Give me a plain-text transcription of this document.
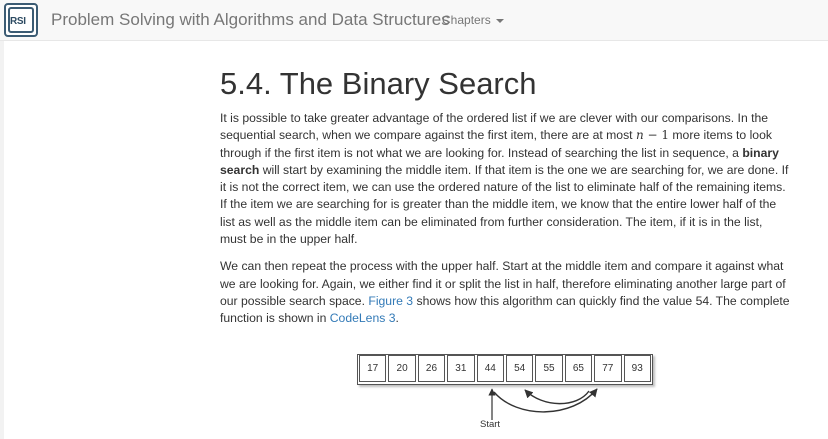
RSI Problem Solving with Algorithms and Data Structures
Chapters
5.4. The Binary Search

It is possible to take greater advantage of the ordered list if we are clever with our comparisons. In the sequential search, when we compare against the first item, there are at most n − 1 more items to look through if the first item is not what we are looking for. Instead of searching the list in sequence, a binary search will start by examining the middle item. If that item is the one we are searching for, we are done. If it is not the correct item, we can use the ordered nature of the list to eliminate half of the remaining items. If the item we are searching for is greater than the middle item, we know that the entire lower half of the list as well as the middle item can be eliminated from further consideration. The item, if it is in the list, must be in the upper half.

We can then repeat the process with the upper half. Start at the middle item and compare it against what we are looking for. Again, we either find it or split the list in half, therefore eliminating another large part of our possible search space. Figure 3 shows how this algorithm can quickly find the value 54. The complete function is shown in CodeLens 3.

17	20	26	31	44	54	55	65	77	93
Start
